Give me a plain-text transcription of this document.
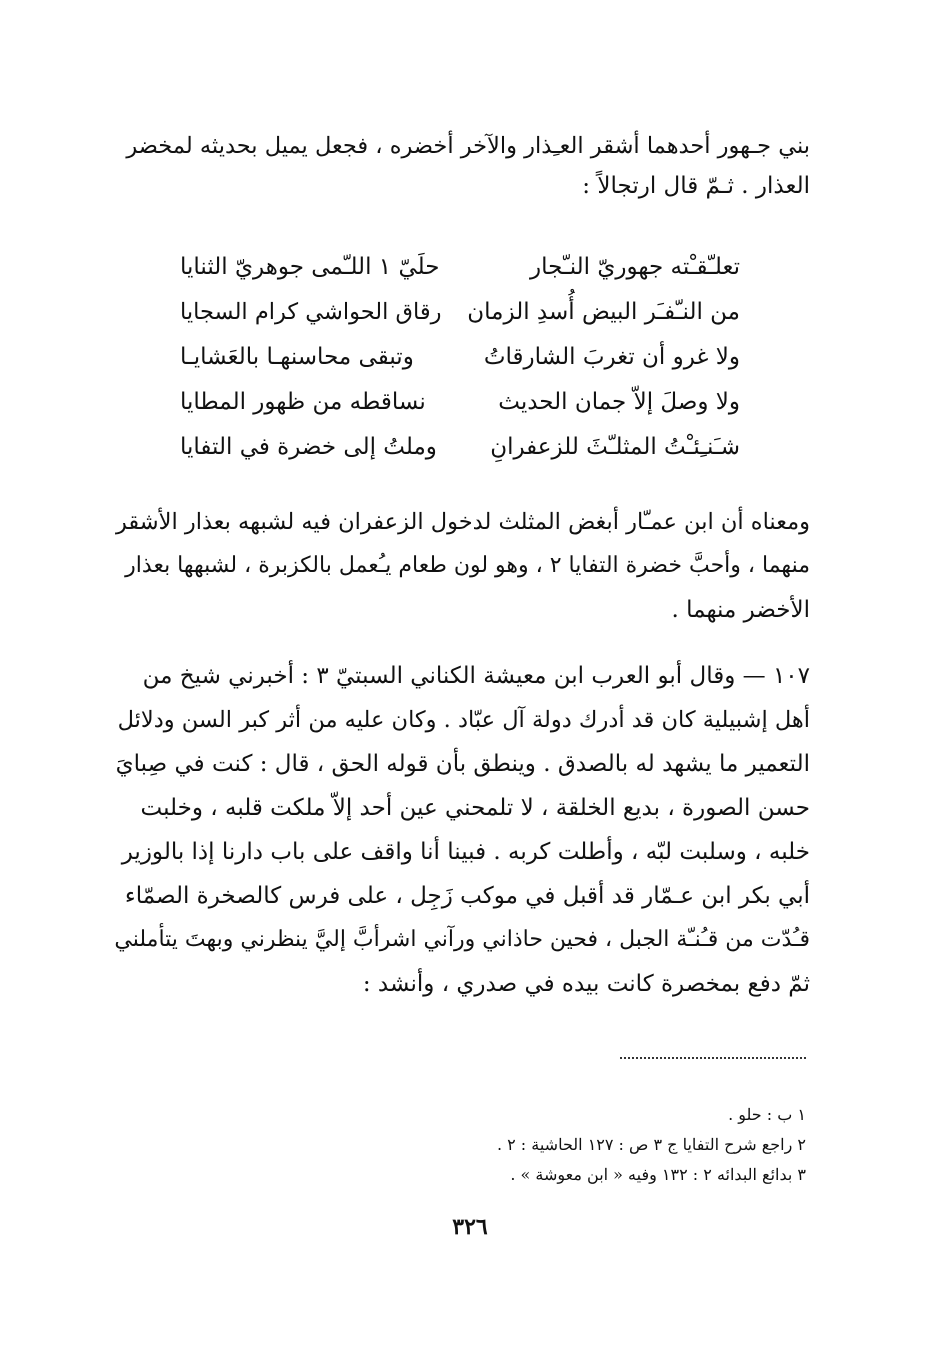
بني جـهور أحدهما أشقر العـِذار والآخر أخضره ، فجعل يميل بحديثه لمخضر
العذار . ثـمّ قال ارتجالاً :
تعلـّقـْته جهوريّ النـّجار
حلَيّ ١ اللـّمى جوهريّ الثنايا
من النـّفـَر البيض أُسدِ الزمان
رقاق الحواشي كرام السجايا
ولا غرو أن تغربَ الشارقاتُ
وتبقى محاسنهـا بالعَشايـا
ولا وصلَ إلاّ جمان الحديث
نساقطه من ظهور المطايا
شـَنـِئـْتُ المثلـّثَ للزعفرانِ
وملتُ إلى خضرة في التفايا
ومعناه أن ابن عمـّار أبغض المثلث لدخول الزعفران فيه لشبهه بعذار الأشقر
منهما ، وأحبَّ خضرة التفايا ٢ ، وهو لون طعام يـُعمل بالكزبرة ، لشبهها بعذار
الأخضر منهما .
١٠٧ — وقال أبو العرب ابن معيشة الكناني السبتيّ ٣ : أخبرني شيخ من
أهل إشبيلية كان قد أدرك دولة آل عبّاد . وكان عليه من أثر كبر السن ودلائل
التعمير ما يشهد له بالصدق . وينطق بأن قوله الحق ، قال : كنت في صِبايَ
حسن الصورة ، بديع الخلقة ، لا تلمحني عين أحد إلاّ ملكت قلبه ، وخلبت
خلبه ، وسلبت لبّه ، وأطلت كربه . فبينا أنا واقف على باب دارنا إذا بالوزير
أبي بكر ابن عـمّار قد أقبل في موكب زَجِل ، على فرس كالصخرة الصمّاء
قـُدّت من قـُنـّة الجبل ، فحين حاذاني ورآني اشرأبَّ إليَّ ينظرني وبهتَ يتأملني
ثمّ دفع بمخصرة كانت بيده في صدري ، وأنشد :
١ ب : حلو .
٢ راجع شرح التفايا ج ٣ ص : ١٢٧ الحاشية : ٢ .
٣ بدائع البدائه ٢ : ١٣٢ وفيه « ابن معوشة » .
٣٢٦
